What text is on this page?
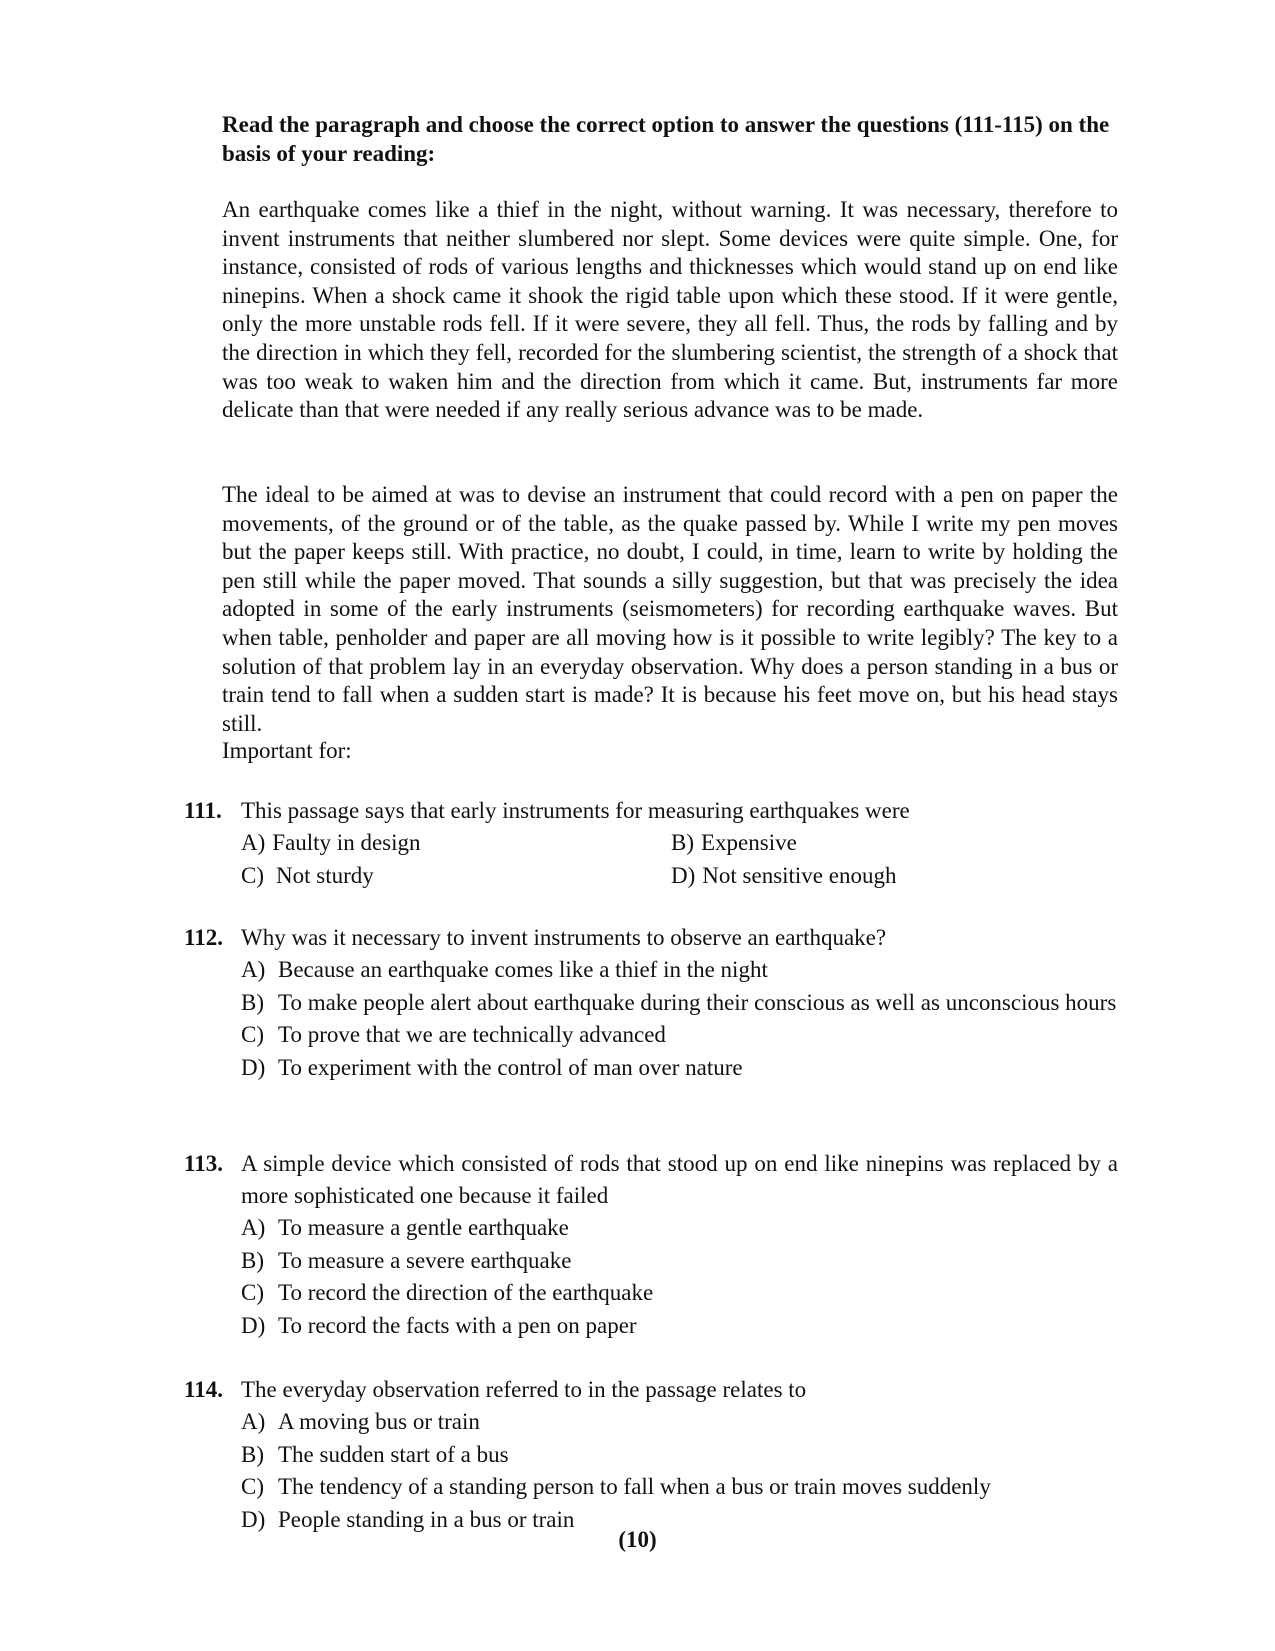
Read the paragraph and choose the correct option to answer the questions (111-115) on the basis of your reading:

An earthquake comes like a thief in the night, without warning. It was necessary, therefore to invent instruments that neither slumbered nor slept. Some devices were quite simple. One, for instance, consisted of rods of various lengths and thicknesses which would stand up on end like ninepins. When a shock came it shook the rigid table upon which these stood. If it were gentle, only the more unstable rods fell. If it were severe, they all fell. Thus, the rods by falling and by the direction in which they fell, recorded for the slumbering scientist, the strength of a shock that was too weak to waken him and the direction from which it came. But, instruments far more delicate than that were needed if any really serious advance was to be made.

The ideal to be aimed at was to devise an instrument that could record with a pen on paper the movements, of the ground or of the table, as the quake passed by. While I write my pen moves but the paper keeps still. With practice, no doubt, I could, in time, learn to write by holding the pen still while the paper moved. That sounds a silly suggestion, but that was precisely the idea adopted in some of the early instruments (seismometers) for recording earthquake waves. But when table, penholder and paper are all moving how is it possible to write legibly? The key to a solution of that problem lay in an everyday observation. Why does a person standing in a bus or train tend to fall when a sudden start is made? It is because his feet move on, but his head stays still.

Important for:

111. This passage says that early instruments for measuring earthquakes were
A) Faulty in design	B) Expensive
C) Not sturdy	D) Not sensitive enough
112. Why was it necessary to invent instruments to observe an earthquake?
A) Because an earthquake comes like a thief in the night
B) To make people alert about earthquake during their conscious as well as unconscious hours
C) To prove that we are technically advanced
D) To experiment with the control of man over nature
113. A simple device which consisted of rods that stood up on end like ninepins was replaced by a more sophisticated one because it failed
A) To measure a gentle earthquake
B) To measure a severe earthquake
C) To record the direction of the earthquake
D) To record the facts with a pen on paper
114. The everyday observation referred to in the passage relates to
A) A moving bus or train
B) The sudden start of a bus
C) The tendency of a standing person to fall when a bus or train moves suddenly
D) People standing in a bus or train
(10)
